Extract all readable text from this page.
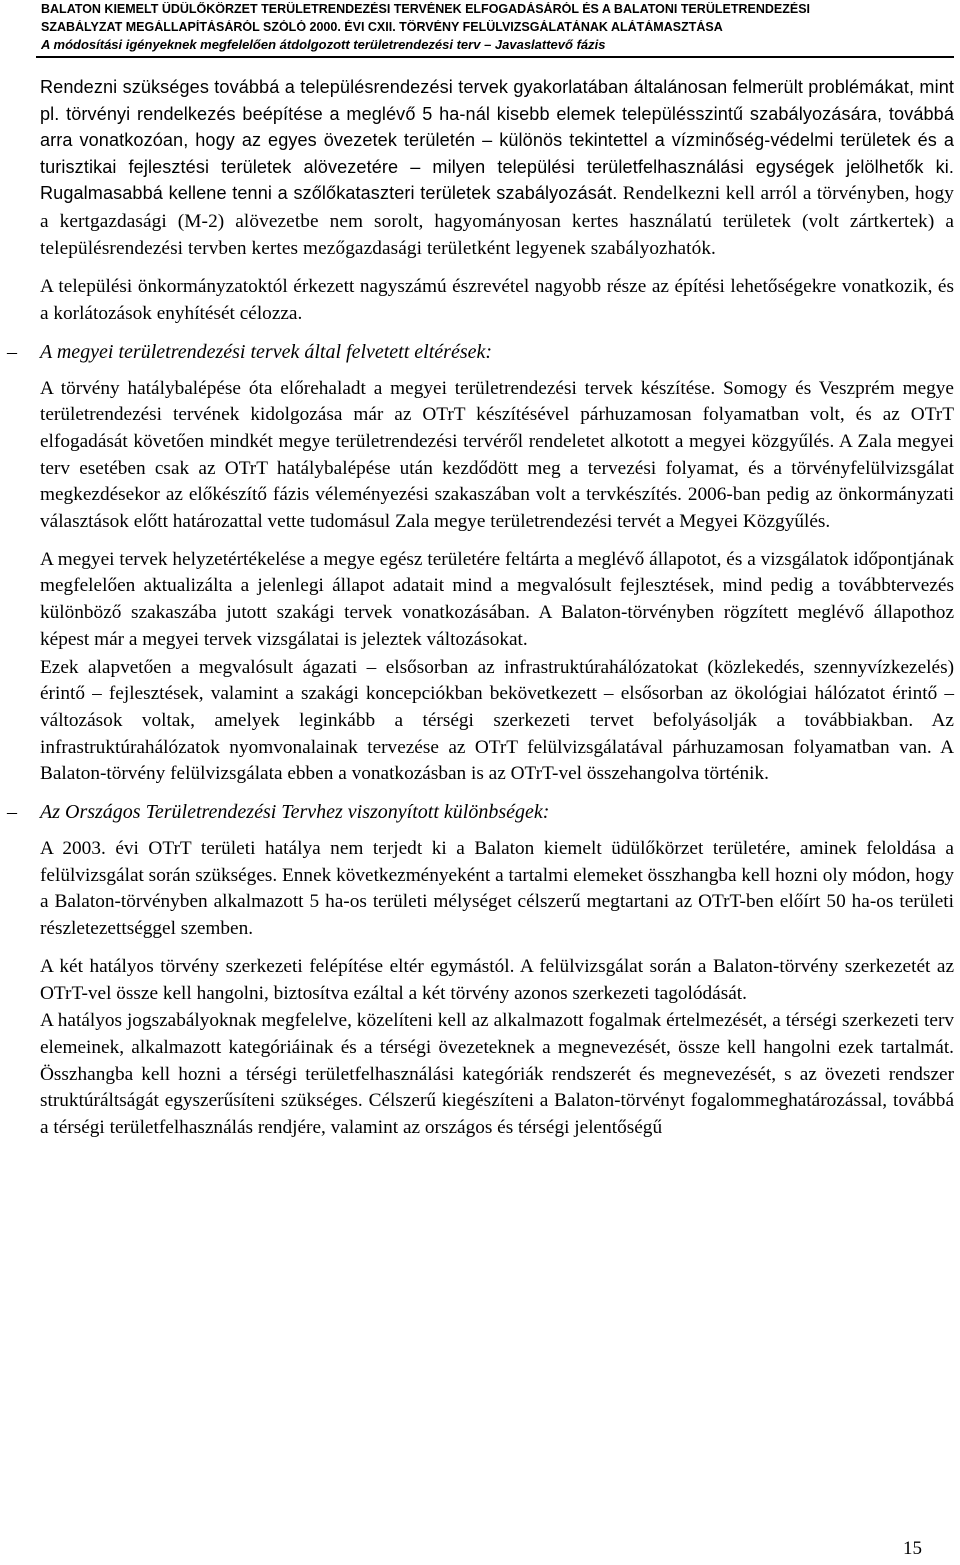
BALATON KIEMELT ÜDÜLŐKÖRZET TERÜLETRENDEZÉSI TERVÉNEK ELFOGADÁSÁRÓL ÉS A BALATONI TERÜLETRENDEZÉSI
SZABÁLYZAT MEGÁLLAPÍTÁSÁRÓL SZÓLÓ 2000. ÉVI CXII. TÖRVÉNY FELÜLVIZSGÁLATÁNAK ALÁTÁMASZTÁSA
A módosítási igényeknek megfelelően átdolgozott területrendezési terv – Javaslattevő fázis

Rendezni szükséges továbbá a településrendezési tervek gyakorlatában általánosan felmerült problémákat, mint pl. törvényi rendelkezés beépítése a meglévő 5 ha-nál kisebb elemek településszintű szabályozására, továbbá arra vonatkozóan, hogy az egyes övezetek területén – különös tekintettel a vízminőség-védelmi területek és a turisztikai fejlesztési területek alövezetére – milyen települési területfelhasználási egységek jelölhetők ki. Rugalmasabbá kellene tenni a szőlőkataszteri területek szabályozását. Rendelkezni kell arról a törvényben, hogy a kertgazdasági (M-2) alövezetbe nem sorolt, hagyományosan kertes használatú területek (volt zártkertek) a településrendezési tervben kertes mezőgazdasági területként legyenek szabályozhatók.

A települési önkormányzatoktól érkezett nagyszámú észrevétel nagyobb része az építési lehetőségekre vonatkozik, és a korlátozások enyhítését célozza.

– A megyei területrendezési tervek által felvetett eltérések:

A törvény hatálybalépése óta előrehaladt a megyei területrendezési tervek készítése. Somogy és Veszprém megye területrendezési tervének kidolgozása már az OTrT készítésével párhuzamosan folyamatban volt, és az OTrT elfogadását követően mindkét megye területrendezési tervéről rendeletet alkotott a megyei közgyűlés. A Zala megyei terv esetében csak az OTrT hatálybalépése után kezdődött meg a tervezési folyamat, és a törvényfelülvizsgálat megkezdésekor az előkészítő fázis véleményezési szakaszában volt a tervkészítés. 2006-ban pedig az önkormányzati választások előtt határozattal vette tudomásul Zala megye területrendezési tervét a Megyei Közgyűlés.

A megyei tervek helyzetértékelése a megye egész területére feltárta a meglévő állapotot, és a vizsgálatok időpontjának megfelelően aktualizálta a jelenlegi állapot adatait mind a megvalósult fejlesztések, mind pedig a továbbtervezés különböző szakaszába jutott szakági tervek vonatkozásában. A Balaton-törvényben rögzített meglévő állapothoz képest már a megyei tervek vizsgálatai is jeleztek változásokat.

Ezek alapvetően a megvalósult ágazati – elsősorban az infrastruktúrahálózatokat (közlekedés, szennyvízkezelés) érintő – fejlesztések, valamint a szakági koncepciókban bekövetkezett – elsősorban az ökológiai hálózatot érintő – változások voltak, amelyek leginkább a térségi szerkezeti tervet befolyásolják a továbbiakban. Az infrastruktúrahálózatok nyomvonalainak tervezése az OTrT felülvizsgálatával párhuzamosan folyamatban van. A Balaton-törvény felülvizsgálata ebben a vonatkozásban is az OTrT-vel összehangolva történik.

– Az Országos Területrendezési Tervhez viszonyított különbségek:

A 2003. évi OTrT területi hatálya nem terjedt ki a Balaton kiemelt üdülőkörzet területére, aminek feloldása a felülvizsgálat során szükséges. Ennek következményeként a tartalmi elemeket összhangba kell hozni oly módon, hogy a Balaton-törvényben alkalmazott 5 ha-os területi mélységet célszerű megtartani az OTrT-ben előírt 50 ha-os területi részletezettséggel szemben.

A két hatályos törvény szerkezeti felépítése eltér egymástól. A felülvizsgálat során a Balaton-törvény szerkezetét az OTrT-vel össze kell hangolni, biztosítva ezáltal a két törvény azonos szerkezeti tagolódását.

A hatályos jogszabályoknak megfelelve, közelíteni kell az alkalmazott fogalmak értelmezését, a térségi szerkezeti terv elemeinek, alkalmazott kategóriáinak és a térségi övezeteknek a megnevezését, össze kell hangolni ezek tartalmát. Összhangba kell hozni a térségi területfelhasználási kategóriák rendszerét és megnevezését, s az övezeti rendszer struktúráltságát egyszerűsíteni szükséges. Célszerű kiegészíteni a Balaton-törvényt fogalommeghatározással, továbbá a térségi területfelhasználás rendjére, valamint az országos és térségi jelentőségű

15
